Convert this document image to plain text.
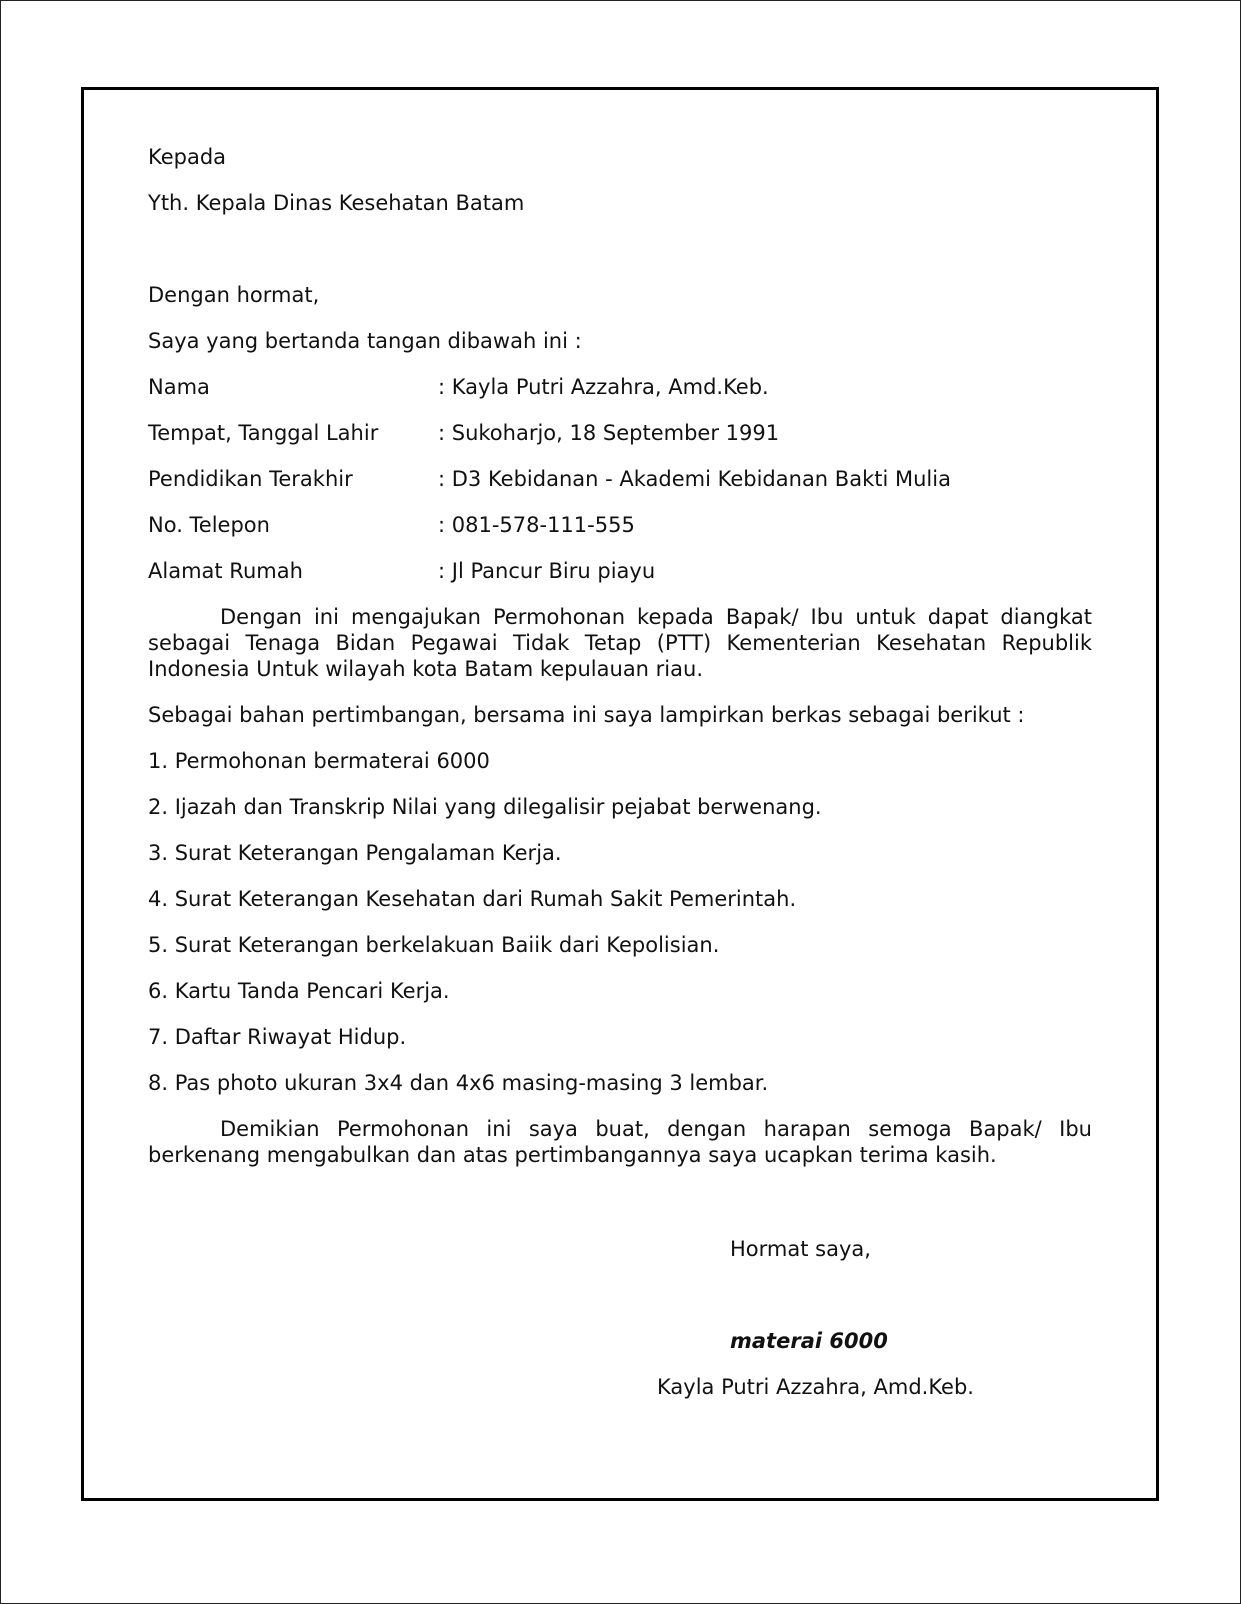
Kepada
Yth. Kepala Dinas Kesehatan Batam
Dengan hormat,
Saya yang bertanda tangan dibawah ini :
Nama	: Kayla Putri Azzahra, Amd.Keb.
Tempat, Tanggal Lahir	: Sukoharjo, 18 September 1991
Pendidikan Terakhir	: D3 Kebidanan - Akademi Kebidanan Bakti Mulia
No. Telepon	: 081-578-111-555
Alamat Rumah	: Jl Pancur Biru piayu
Dengan ini mengajukan Permohonan kepada Bapak/ Ibu untuk dapat diangkat sebagai Tenaga Bidan Pegawai Tidak Tetap (PTT) Kementerian Kesehatan Republik Indonesia Untuk wilayah kota Batam kepulauan riau.
Sebagai bahan pertimbangan, bersama ini saya lampirkan berkas sebagai berikut :
1. Permohonan bermaterai 6000
2. Ijazah dan Transkrip Nilai yang dilegalisir pejabat berwenang.
3. Surat Keterangan Pengalaman Kerja.
4. Surat Keterangan Kesehatan dari Rumah Sakit Pemerintah.
5. Surat Keterangan berkelakuan Baiik dari Kepolisian.
6. Kartu Tanda Pencari Kerja.
7. Daftar Riwayat Hidup.
8. Pas photo ukuran 3x4 dan 4x6 masing-masing 3 lembar.
Demikian Permohonan ini saya buat, dengan harapan semoga Bapak/ Ibu berkenang mengabulkan dan atas pertimbangannya saya ucapkan terima kasih.
Hormat saya,
materai 6000
Kayla Putri Azzahra, Amd.Keb.
